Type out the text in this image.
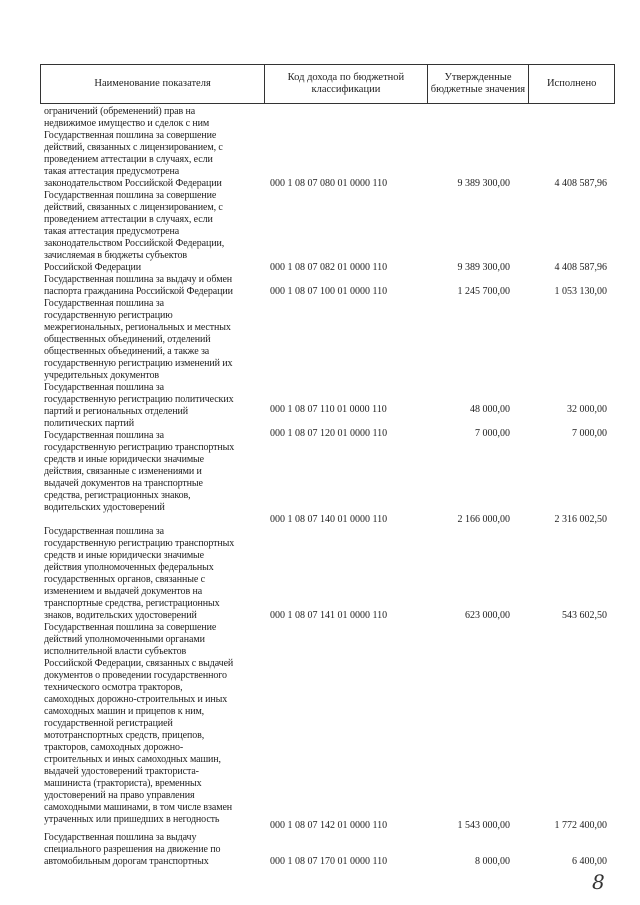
Наименование показателя
Код дохода по бюджетной классификации
Утвержденные бюджетные значения
Исполнено
ограничений (обременений) прав на
недвижимое имущество и сделок с ним
Государственная пошлина за совершение
действий, связанных с лицензированием, с
проведением аттестации в случаях, если
такая аттестация предусмотрена
законодательством Российской Федерации	000 1 08 07 080 01 0000 110	9 389 300,00	4 408 587,96
Государственная пошлина за совершение
действий, связанных с лицензированием, с
проведением аттестации в случаях, если
такая аттестация предусмотрена
законодательством Российской Федерации,
зачисляемая в бюджеты субъектов
Российской Федерации	000 1 08 07 082 01 0000 110	9 389 300,00	4 408 587,96
Государственная пошлина за выдачу и обмен
паспорта гражданина Российской Федерации	000 1 08 07 100 01 0000 110	1 245 700,00	1 053 130,00
Государственная пошлина за
государственную регистрацию
межрегиональных, региональных и местных
общественных объединений, отделений
общественных объединений, а также за
государственную регистрацию изменений их
учредительных документов
000 1 08 07 110 01 0000 110	48 000,00	32 000,00
Государственная пошлина за
государственную регистрацию политических
партий и региональных отделений
политических партий
000 1 08 07 120 01 0000 110	7 000,00	7 000,00
Государственная пошлина за
государственную регистрацию транспортных
средств и иные юридически значимые
действия, связанные с изменениями и
выдачей документов на транспортные
средства, регистрационных знаков,
водительских удостоверений
000 1 08 07 140 01 0000 110	2 166 000,00	2 316 002,50
Государственная пошлина за
государственную регистрацию транспортных
средств и иные юридически значимые
действия уполномоченных федеральных
государственных органов, связанные с
изменением и выдачей документов на
транспортные средства, регистрационных
знаков, водительских удостоверений	000 1 08 07 141 01 0000 110	623 000,00	543 602,50
Государственная пошлина за совершение
действий уполномоченными органами
исполнительной власти субъектов
Российской Федерации, связанных с выдачей
документов о проведении государственного
технического осмотра тракторов,
самоходных дорожно-строительных и иных
самоходных машин и прицепов к ним,
государственной регистрацией
мототранспортных средств, прицепов,
тракторов, самоходных дорожно-
строительных и иных самоходных машин,
выдачей удостоверений тракториста-
машиниста (тракториста), временных
удостоверений на право управления
самоходными машинами, в том числе взамен
утраченных или пришедших в негодность
000 1 08 07 142 01 0000 110	1 543 000,00	1 772 400,00
Государственная пошлина за выдачу
специального разрешения на движение по
автомобильным дорогам транспортных	000 1 08 07 170 01 0000 110	8 000,00	6 400,00
8
